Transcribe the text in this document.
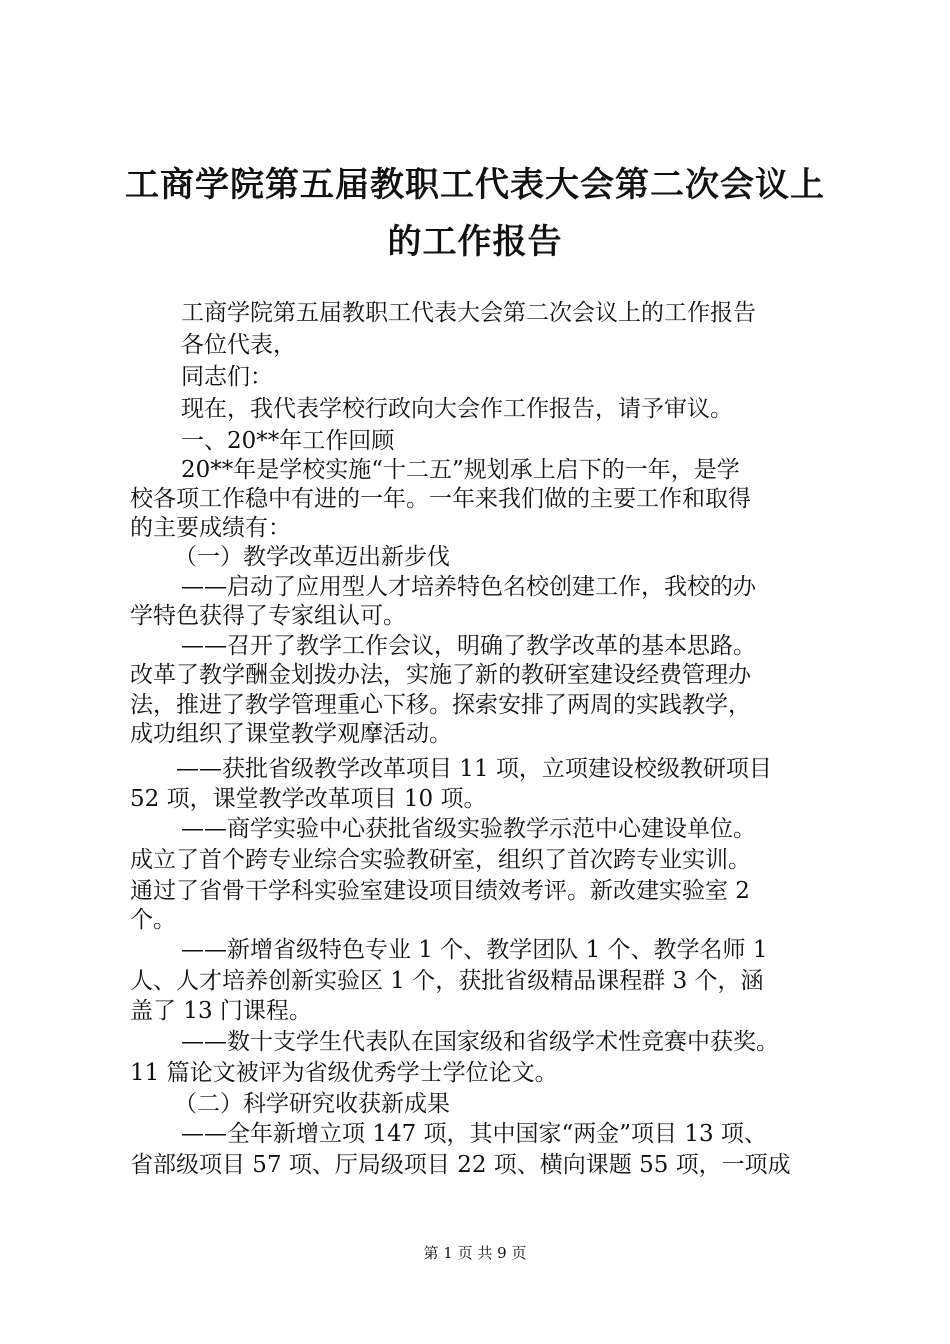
工商学院第五届教职工代表大会第二次会议上
的工作报告
工商学院第五届教职工代表大会第二次会议上的工作报告
各位代表，
同志们：
现在，我代表学校行政向大会作工作报告，请予审议。
一、20**年工作回顾
20**年是学校实施“十二五”规划承上启下的一年，是学
校各项工作稳中有进的一年。一年来我们做的主要工作和取得
的主要成绩有：
（一）教学改革迈出新步伐
——启动了应用型人才培养特色名校创建工作，我校的办
学特色获得了专家组认可。
——召开了教学工作会议，明确了教学改革的基本思路。
改革了教学酬金划拨办法，实施了新的教研室建设经费管理办
法，推进了教学管理重心下移。探索安排了两周的实践教学，
成功组织了课堂教学观摩活动。
——获批省级教学改革项目 11 项，立项建设校级教研项目
52 项，课堂教学改革项目 10 项。
——商学实验中心获批省级实验教学示范中心建设单位。
成立了首个跨专业综合实验教研室，组织了首次跨专业实训。
通过了省骨干学科实验室建设项目绩效考评。新改建实验室 2
个。
——新增省级特色专业 1 个、教学团队 1 个、教学名师 1
人、人才培养创新实验区 1 个，获批省级精品课程群 3 个，涵
盖了 13 门课程。
——数十支学生代表队在国家级和省级学术性竞赛中获奖。
11 篇论文被评为省级优秀学士学位论文。
（二）科学研究收获新成果
——全年新增立项 147 项，其中国家“两金”项目 13 项、
省部级项目 57 项、厅局级项目 22 项、横向课题 55 项，一项成
第 1 页 共 9 页
